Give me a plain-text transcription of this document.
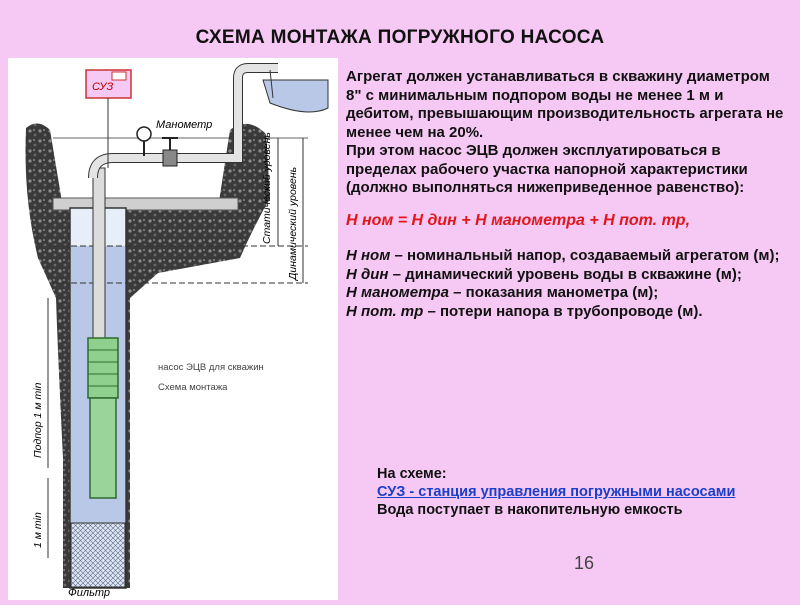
СХЕМА МОНТАЖА ПОГРУЖНОГО НАСОСА
СУЗ
Манометр
Статический уровень Динамический уровень
насос ЭЦВ для скважин
Схема монтажа
Подпор 1 м min
1 м min
Фильтр

Агрегат должен устанавливаться в скважину диаметром 8" с минимальным подпором воды не менее 1 м и дебитом, превышающим производительность агрегата не менее чем на 20%.

При этом насос ЭЦВ должен эксплуатироваться в пределах рабочего участка напорной характеристики (должно выполняться нижеприведенное равенство):

Н ном = Н дин + Н манометра + Н пот. тр,

Н ном – номинальный напор, создаваемый агрегатом (м);
Н дин – динамический уровень воды в скважине (м);
Н манометра – показания манометра (м);
Н пот. тр – потери напора в трубопроводе (м).
На схеме:
СУЗ - станция управления погружными насосами
Вода поступает в накопительную емкость
16
